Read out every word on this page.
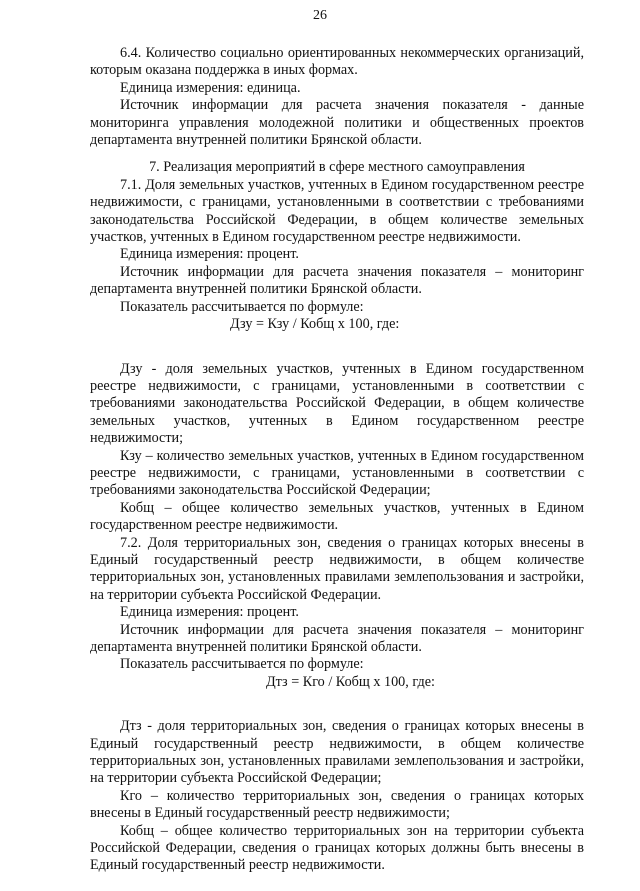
26

6.4. Количество социально ориентированных некоммерческих организаций, которым оказана поддержка в иных формах.

Единица измерения: единица.

Источник информации для расчета значения показателя - данные мониторинга управления молодежной политики и общественных проектов департамента внутренней политики Брянской области.

7. Реализация мероприятий в сфере местного самоуправления

7.1. Доля земельных участков, учтенных в Едином государственном реестре недвижимости, с границами, установленными в соответствии с требованиями законодательства Российской Федерации, в общем количестве земельных участков, учтенных в Едином государственном реестре недвижимости.

Единица измерения: процент.

Источник информации для расчета значения показателя – мониторинг департамента внутренней политики Брянской области.

Показатель рассчитывается по формуле:

Дзу = Кзу / Кобщ х 100, где:

Дзу - доля земельных участков, учтенных в Едином государственном реестре недвижимости, с границами, установленными в соответствии с требованиями законодательства Российской Федерации, в общем количестве земельных участков, учтенных в Едином государственном реестре недвижимости;

Кзу – количество земельных участков, учтенных в Едином государственном реестре недвижимости, с границами, установленными в соответствии с требованиями законодательства Российской Федерации;

Кобщ – общее количество земельных участков, учтенных в Едином государственном реестре недвижимости.

7.2. Доля территориальных зон, сведения о границах которых внесены в Единый государственный реестр недвижимости, в общем количестве территориальных зон, установленных правилами землепользования и застройки, на территории субъекта Российской Федерации.

Единица измерения: процент.

Источник информации для расчета значения показателя – мониторинг департамента внутренней политики Брянской области.

Показатель рассчитывается по формуле:

Дтз = Кго / Кобщ х 100, где:

Дтз - доля территориальных зон, сведения о границах которых внесены в Единый государственный реестр недвижимости, в общем количестве территориальных зон, установленных правилами землепользования и застройки, на территории субъекта Российской Федерации;

Кго – количество территориальных зон, сведения о границах которых внесены в Единый государственный реестр недвижимости;

Кобщ – общее количество территориальных зон на территории субъекта Российской Федерации, сведения о границах которых должны быть внесены в Единый государственный реестр недвижимости.
